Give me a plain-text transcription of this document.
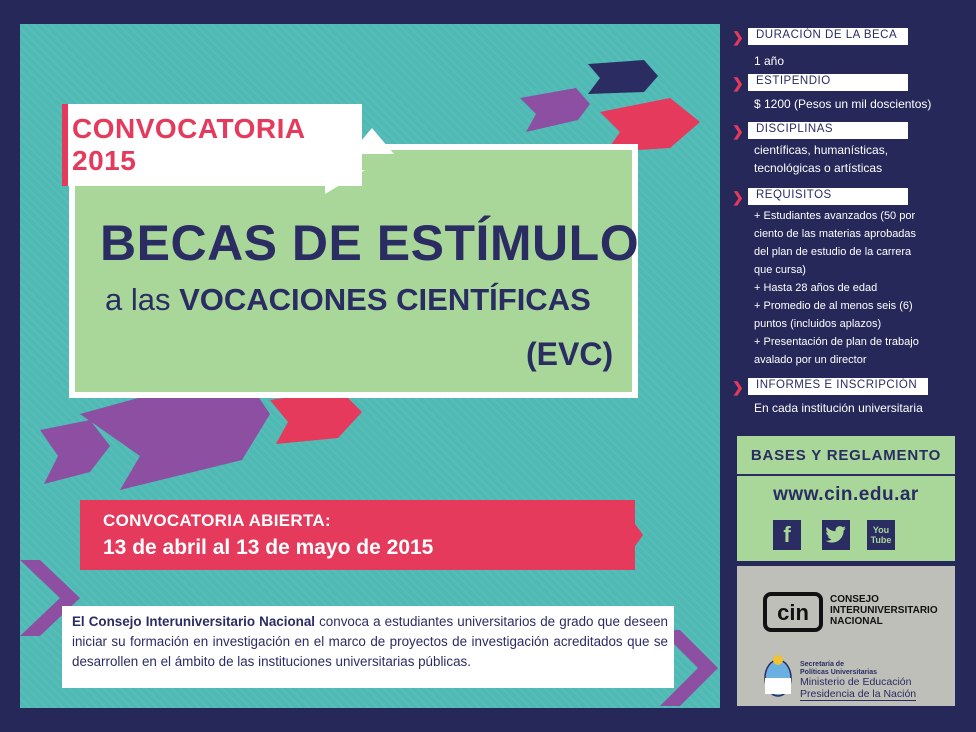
CONVOCATORIA 2015
BECAS DE ESTÍMULO
a las VOCACIONES CIENTÍFICAS
(EVC)
CONVOCATORIA ABIERTA:
13 de abril al 13 de mayo de 2015
El Consejo Interuniversitario Nacional convoca a estudiantes universitarios de grado que deseen iniciar su formación en investigación en el marco de proyectos de investigación acreditados que se desarrollen en el ámbito de las instituciones universitarias públicas.
❯	DURACIÓN DE LA BECA
1 año
❯	ESTIPENDIO
$ 1200 (Pesos un mil doscientos)
❯	DISCIPLINAS
científicas, humanísticas,
tecnológicas o artísticas
❯	REQUISITOS
+ Estudiantes avanzados (50 por
ciento de las materias aprobadas
del plan de estudio de la carrera
que cursa)
+ Hasta 28 años de edad
+ Promedio de al menos seis (6)
puntos (incluidos aplazos)
+ Presentación de plan de trabajo
avalado por un director
❯	INFORMES E INSCRIPCIÓN
En cada institución universitaria
BASES Y REGLAMENTO
www.cin.edu.ar
f	You
Tube
cin
CONSEJO
INTERUNIVERSITARIO
NACIONAL
Secretaría de
Políticas Universitarias
Ministerio de Educación
Presidencia de la Nación
